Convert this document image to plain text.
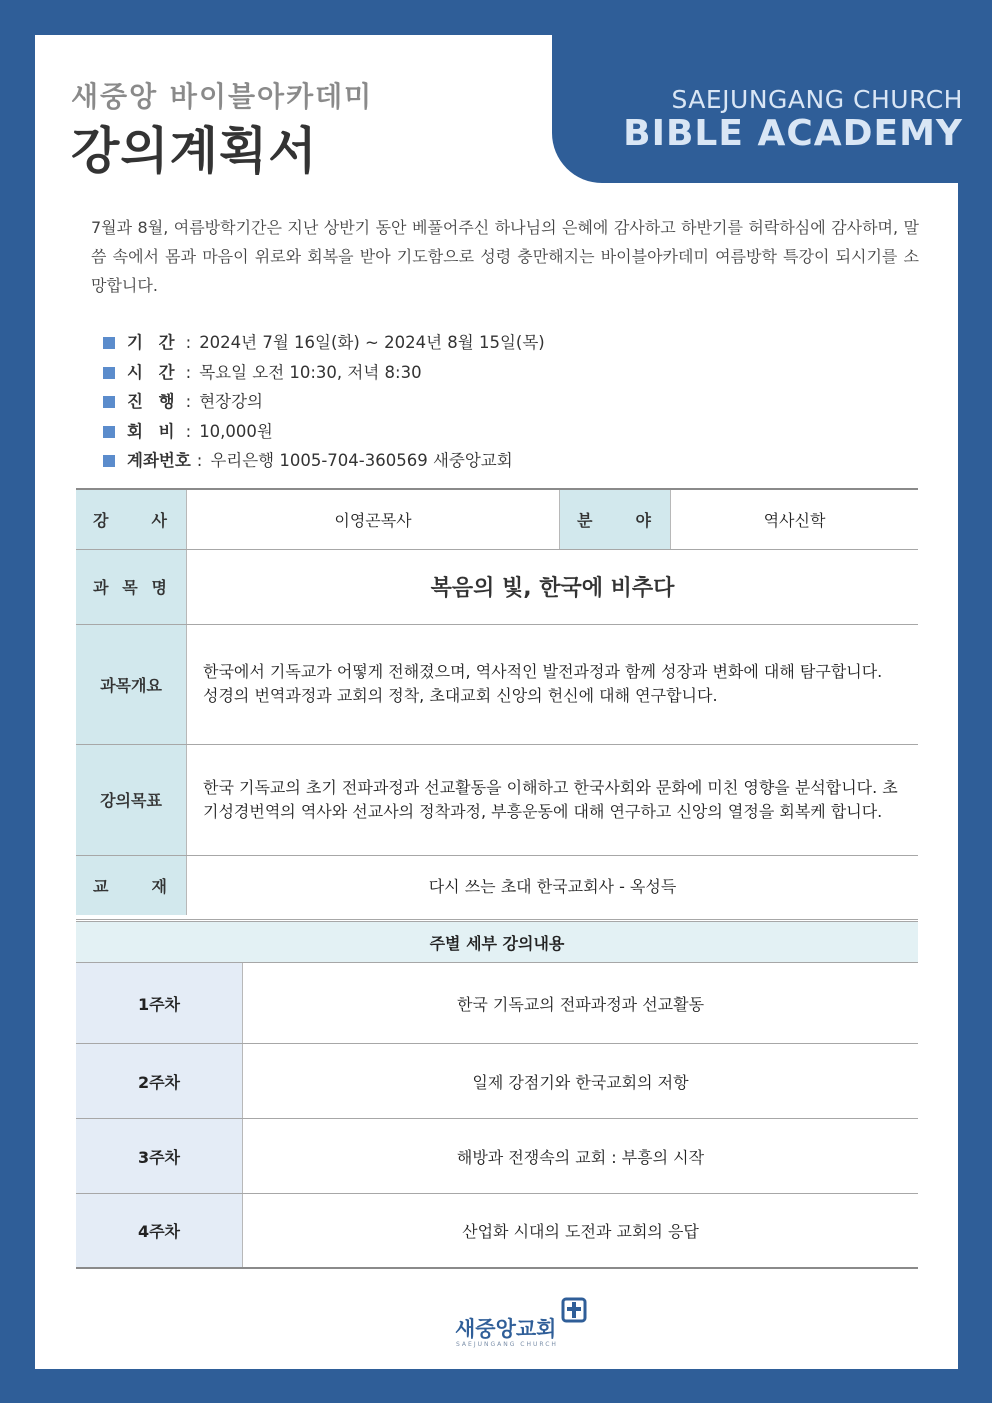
SAEJUNGANG CHURCH
BIBLE ACADEMY
새중앙 바이블아카데미
강의계획서
7월과 8월, 여름방학기간은 지난 상반기 동안 베풀어주신 하나님의 은혜에 감사하고 하반기를 허락하심에 감사하며, 말씀 속에서 몸과 마음이 위로와 회복을 받아 기도함으로 성령 충만해지는 바이블아카데미 여름방학 특강이 되시기를 소망합니다.
기 간 : 2024년 7월 16일(화) ~ 2024년 8월 15일(목)
시 간 : 목요일 오전 10:30, 저녁 8:30
진 행 : 현장강의
회 비 : 10,000원
계좌번호 : 우리은행 1005-704-360569 새중앙교회
강 사	이영곤목사	분 야	역사신학

과 목 명	복음의 빛, 한국에 비추다		
과목개요	한국에서 기독교가 어떻게 전해졌으며, 역사적인 발전과정과 함께 성장과 변화에 대해 탐구합니다. 성경의 번역과정과 교회의 정착, 초대교회 신앙의 헌신에 대해 연구합니다.		
강의목표	한국 기독교의 초기 전파과정과 선교활동을 이해하고 한국사회와 문화에 미친 영향을 분석합니다. 초기성경번역의 역사와 선교사의 정착과정, 부흥운동에 대해 연구하고 신앙의 열정을 회복케 합니다.		

교 재	다시 쓰는 초대 한국교회사 - 옥성득		
주별 세부 강의내용	
1주차	한국 기독교의 전파과정과 선교활동
2주차	일제 강점기와 한국교회의 저항
3주차	해방과 전쟁속의 교회 : 부흥의 시작
4주차	산업화 시대의 도전과 교회의 응답
새중앙교회
SAEJUNGANG CHURCH
